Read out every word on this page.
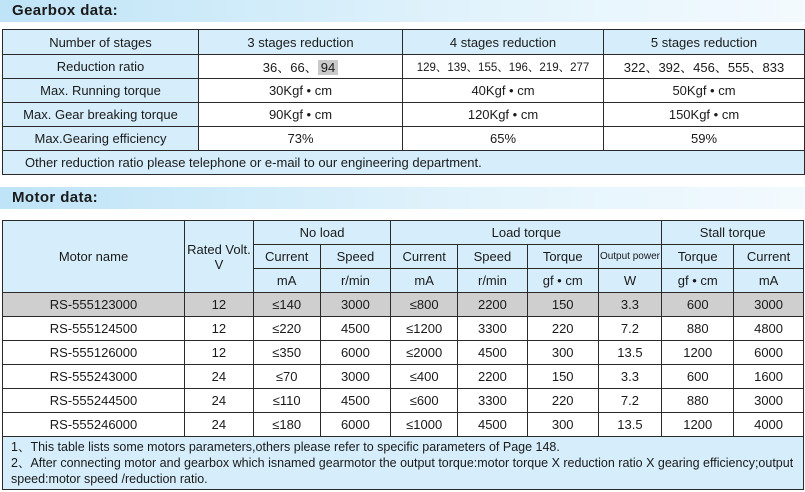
Gearbox data:
Number of stages	3 stages reduction	4 stages reduction	5 stages reduction
Reduction ratio	36、66、 94	129、139、155、196、219、277	322、392、456、555、833
Max. Running torque	30Kgf • cm	40Kgf • cm	50Kgf • cm
Max. Gear breaking torque	90Kgf • cm	120Kgf • cm	150Kgf • cm
Max.Gearing efficiency	73%	65%	59%
Other reduction ratio please telephone or e-mail to our engineering department.			
Motor data:
Motor name	Rated Volt. V	No load		Load torque				Stall torque	
		Current	Speed	Current	Speed	Torque	Output power	Torque	Current
		mA	r/min	mA	r/min	gf • cm	W	gf • cm	mA
RS-555123000	12	≤140	3000	≤800	2200	150	3.3	600	3000
RS-555124500	12	≤220	4500	≤1200	3300	220	7.2	880	4800
RS-555126000	12	≤350	6000	≤2000	4500	300	13.5	1200	6000
RS-555243000	24	≤70	3000	≤400	2200	150	3.3	600	1600
RS-555244500	24	≤110	4500	≤600	3300	220	7.2	880	3000
RS-555246000	24	≤180	6000	≤1000	4500	300	13.5	1200	4000

1、This table lists some motors parameters,others please refer to specific parameters of Page 148.
2、After connecting motor and gearbox which isnamed gearmotor the output torque:motor torque X reduction ratio X gearing efficiency;output speed:motor speed /reduction ratio.									
